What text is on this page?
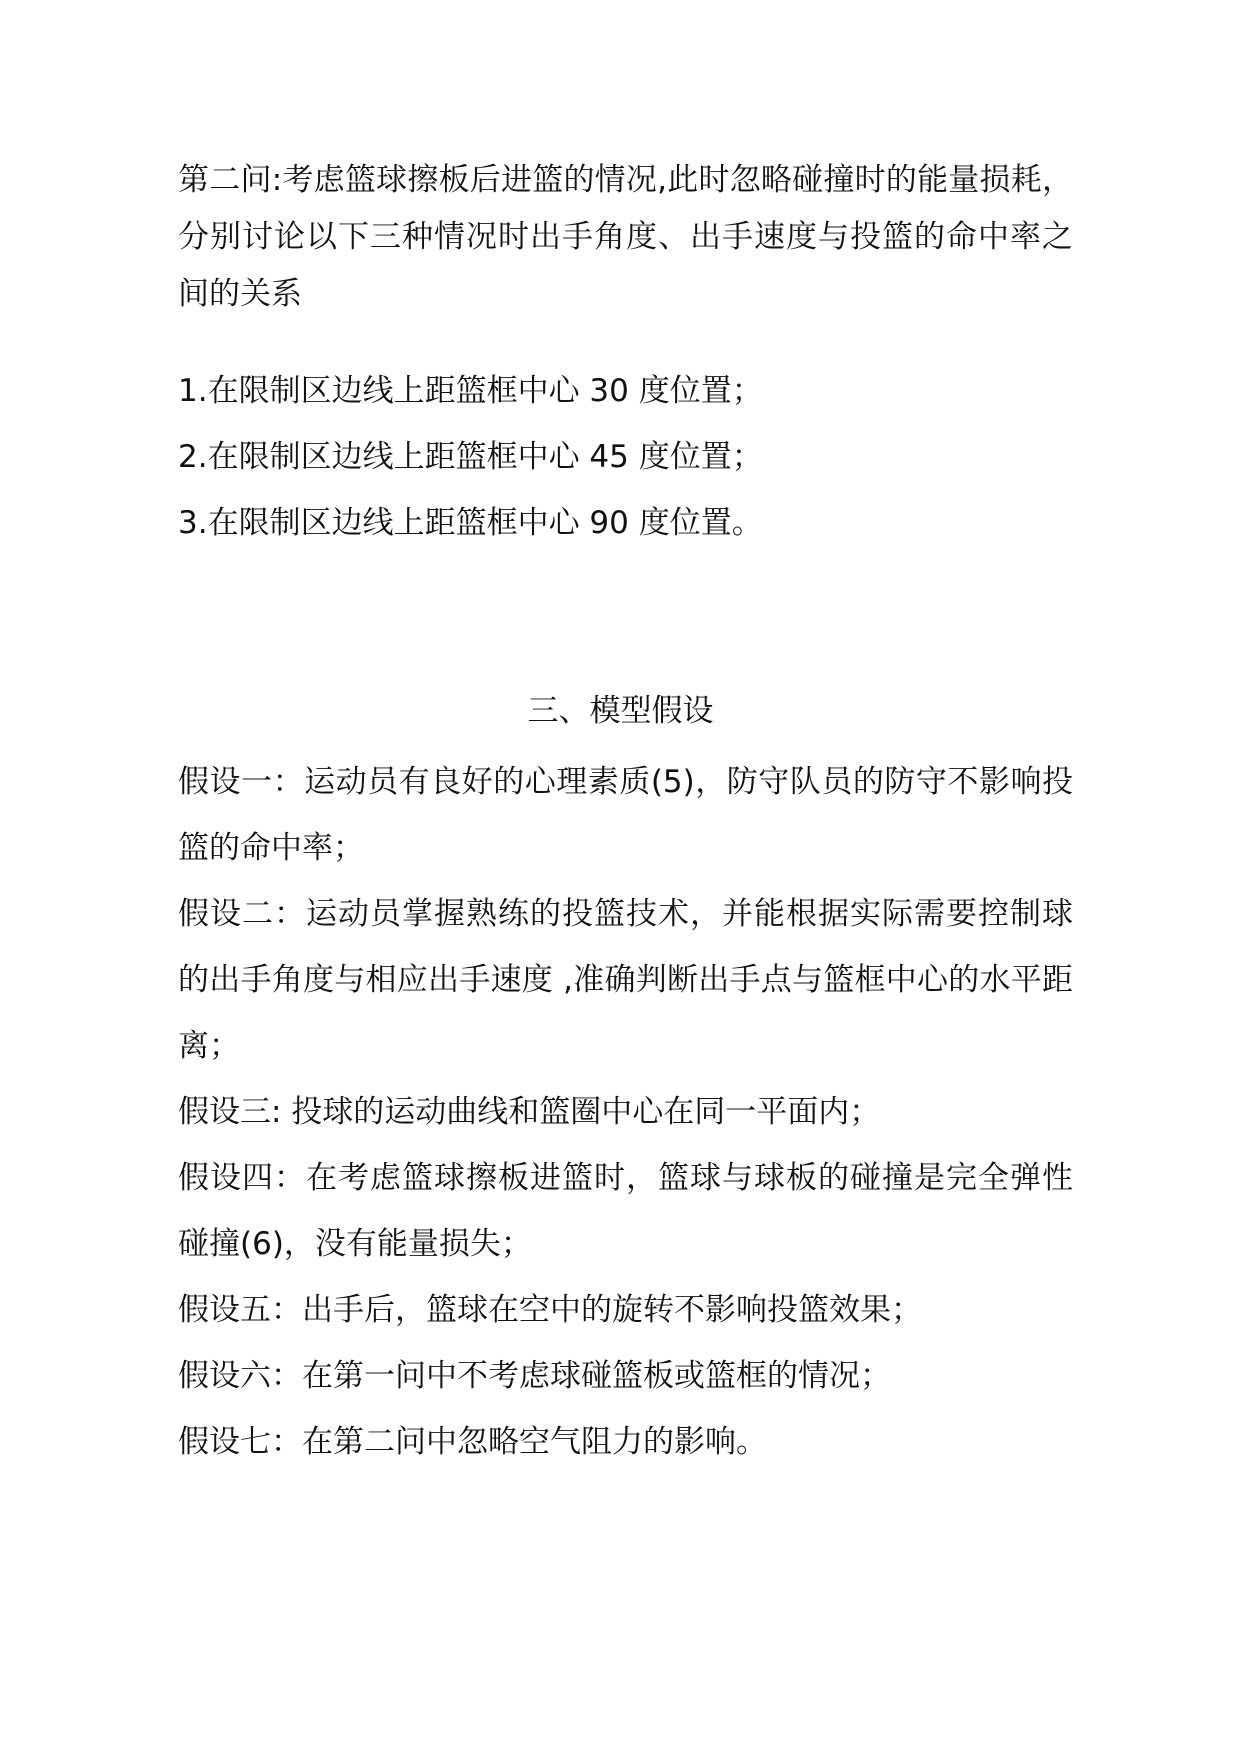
第二问:考虑篮球擦板后进篮的情况,此时忽略碰撞时的能量损耗，分别讨论以下三种情况时出手角度、出手速度与投篮的命中率之间的关系

1.在限制区边线上距篮框中心 30 度位置；
2.在限制区边线上距篮框中心 45 度位置；
3.在限制区边线上距篮框中心 90 度位置。
三、模型假设
假设一：运动员有良好的心理素质(5)，防守队员的防守不影响投篮的命中率；
假设二：运动员掌握熟练的投篮技术，并能根据实际需要控制球的出手角度与相应出手速度 ,准确判断出手点与篮框中心的水平距离；
假设三: 投球的运动曲线和篮圈中心在同一平面内；
假设四：在考虑篮球擦板进篮时，篮球与球板的碰撞是完全弹性碰撞(6)，没有能量损失；
假设五：出手后，篮球在空中的旋转不影响投篮效果；
假设六：在第一问中不考虑球碰篮板或篮框的情况；
假设七：在第二问中忽略空气阻力的影响。
